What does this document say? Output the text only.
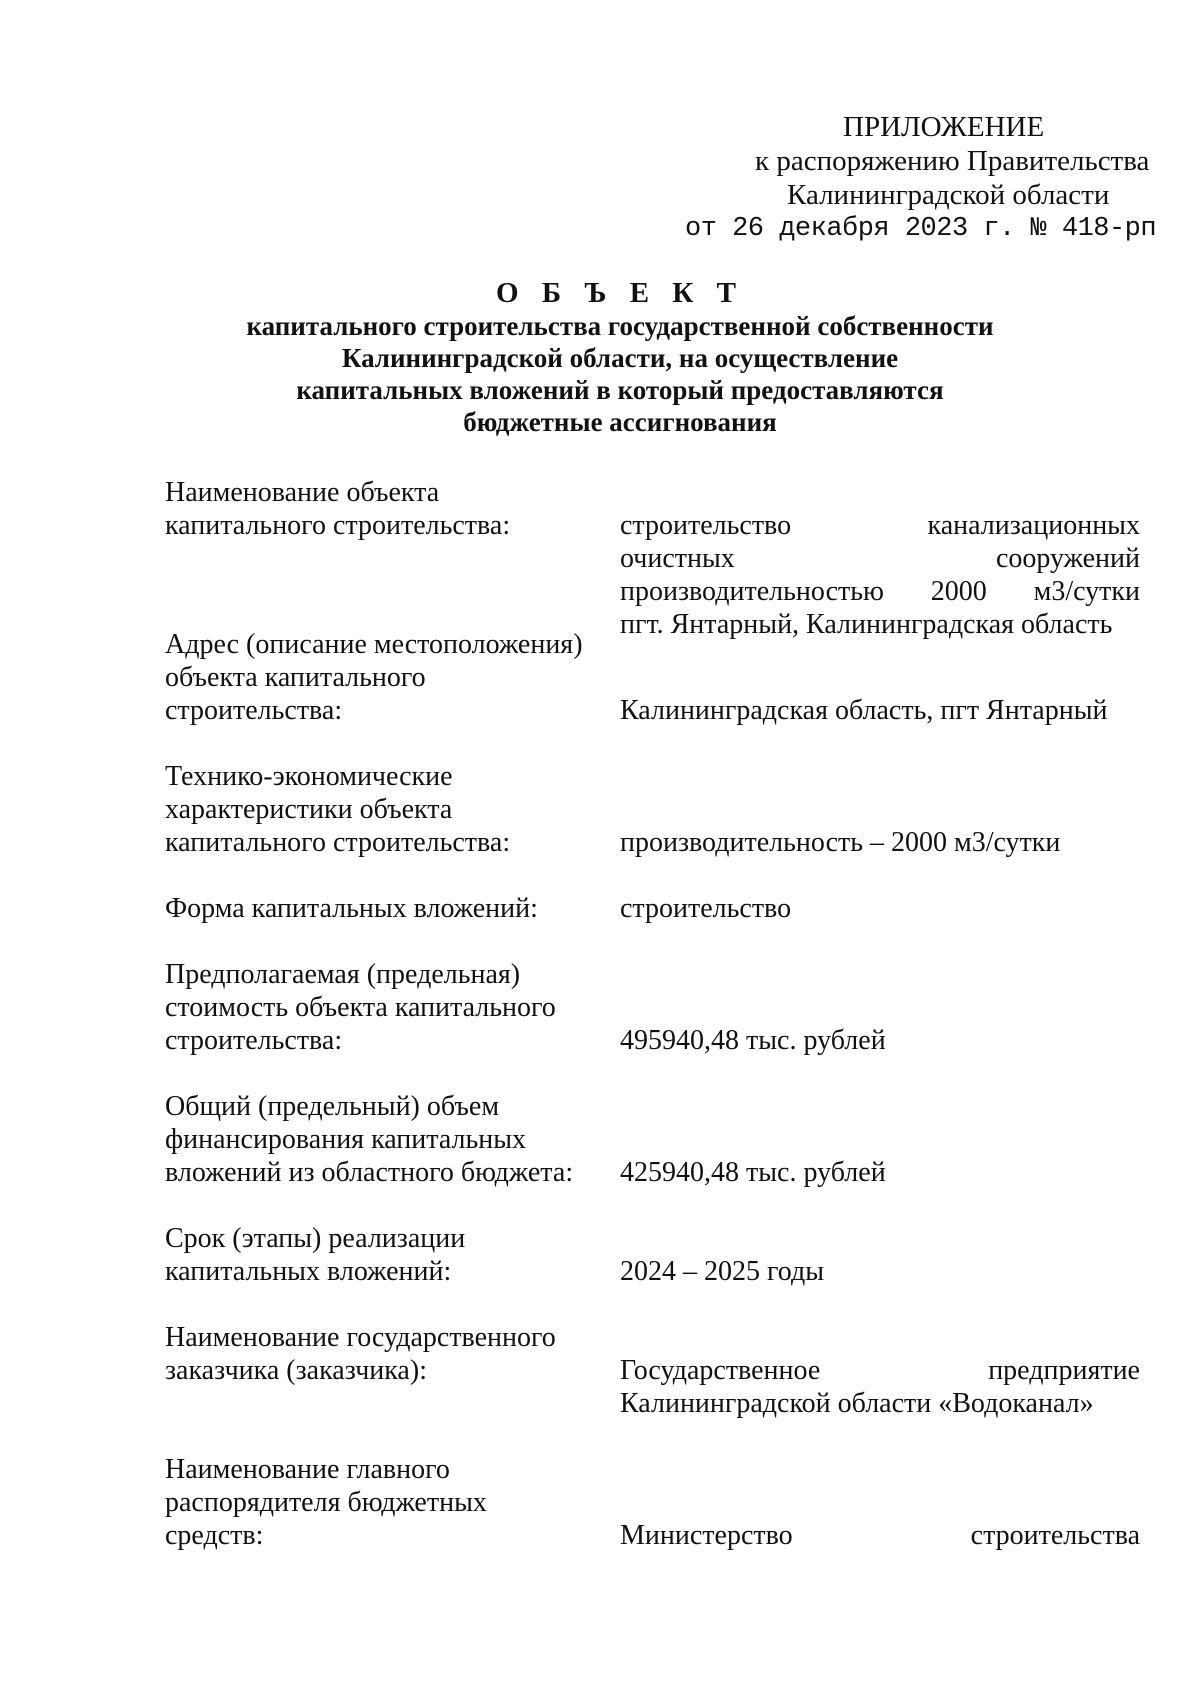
ПРИЛОЖЕНИЕ
к распоряжению Правительства
Калининградской области
от 26 декабря 2023 г. № 418-рп
О Б Ъ Е К Т
капитального строительства государственной собственности
Калининградской области, на осуществление
капитальных вложений в который предоставляются
бюджетные ассигнования
Наименование объекта
капитального строительства:	строительство канализационных
очистных сооружений
производительностью 2000 м3/сутки
пгт. Янтарный, Калининградская область
Адрес (описание местоположения)
объекта капитального
строительства:	Калининградская область, пгт Янтарный
Технико-экономические
характеристики объекта
капитального строительства:	производительность – 2000 м3/сутки
Форма капитальных вложений:	строительство
Предполагаемая (предельная)
стоимость объекта капитального
строительства:	495940,48 тыс. рублей
Общий (предельный) объем
финансирования капитальных
вложений из областного бюджета:	425940,48 тыс. рублей
Срок (этапы) реализации
капитальных вложений:	2024 – 2025 годы
Наименование государственного
заказчика (заказчика):	Государственное предприятие
Калининградской области «Водоканал»
Наименование главного
распорядителя бюджетных
средств:	Министерство строительства
